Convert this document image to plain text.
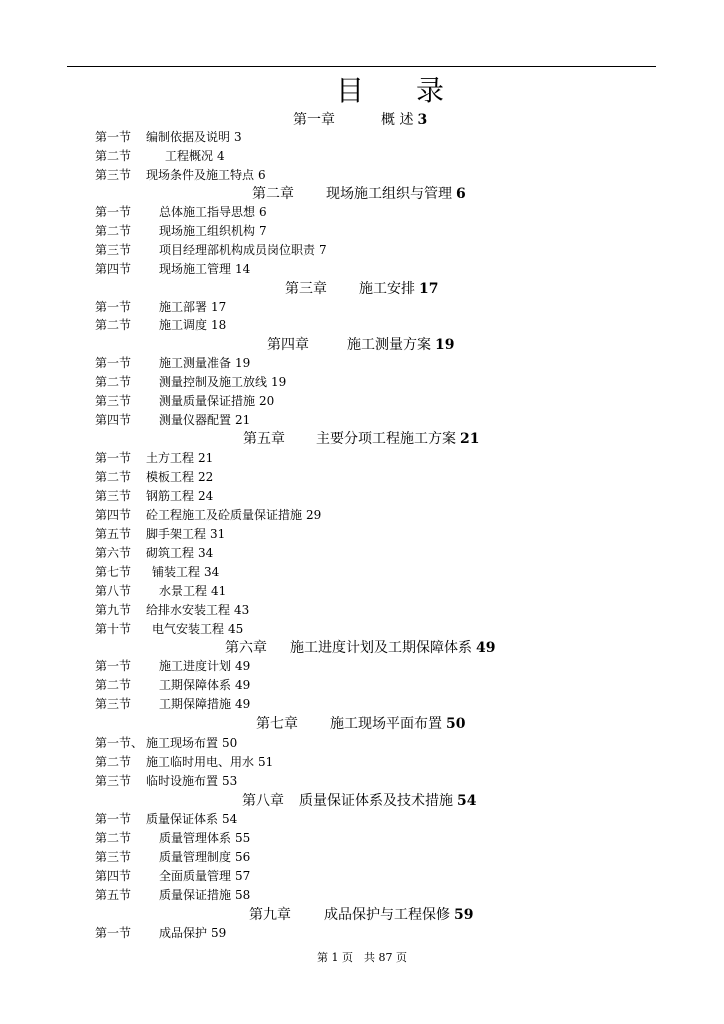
目 录
第一章	概 述 3
第一节 编制依据及说明 3
第二节	工程概况 4
第三节 现场条件及施工特点 6
第二章 现场施工组织与管理 6
第一节 总体施工指导思想 6
第二节 现场施工组织机构 7
第三节 项目经理部机构成员岗位职责 7
第四节 现场施工管理 14
第三章 施工安排 17
第一节 施工部署 17
第二节 施工调度 18
第四章	施工测量方案 19
第一节 施工测量准备 19
第二节 测量控制及施工放线 19
第三节 测量质量保证措施 20
第四节 测量仪器配置 21
第五章 主要分项工程施工方案 21
第一节 土方工程 21
第二节 模板工程 22
第三节 钢筋工程 24
第四节 砼工程施工及砼质量保证措施 29
第五节 脚手架工程 31
第六节 砌筑工程 34
第七节 铺装工程 34
第八节 水景工程 41
第九节 给排水安装工程 43
第十节 电气安装工程 45
第六章 施工进度计划及工期保障体系 49
第一节 施工进度计划 49
第二节 工期保障体系 49
第三节 工期保障措施 49
第七章 施工现场平面布置 50
第一节、 施工现场布置 50
第二节 施工临时用电、用水 51
第三节 临时设施布置 53
第八章 质量保证体系及技术措施 54
第一节 质量保证体系 54
第二节 质量管理体系 55
第三节 质量管理制度 56
第四节 全面质量管理 57
第五节 质量保证措施 58
第九章 成品保护与工程保修 59
第一节 成品保护 59
第 1 页　共 87 页
